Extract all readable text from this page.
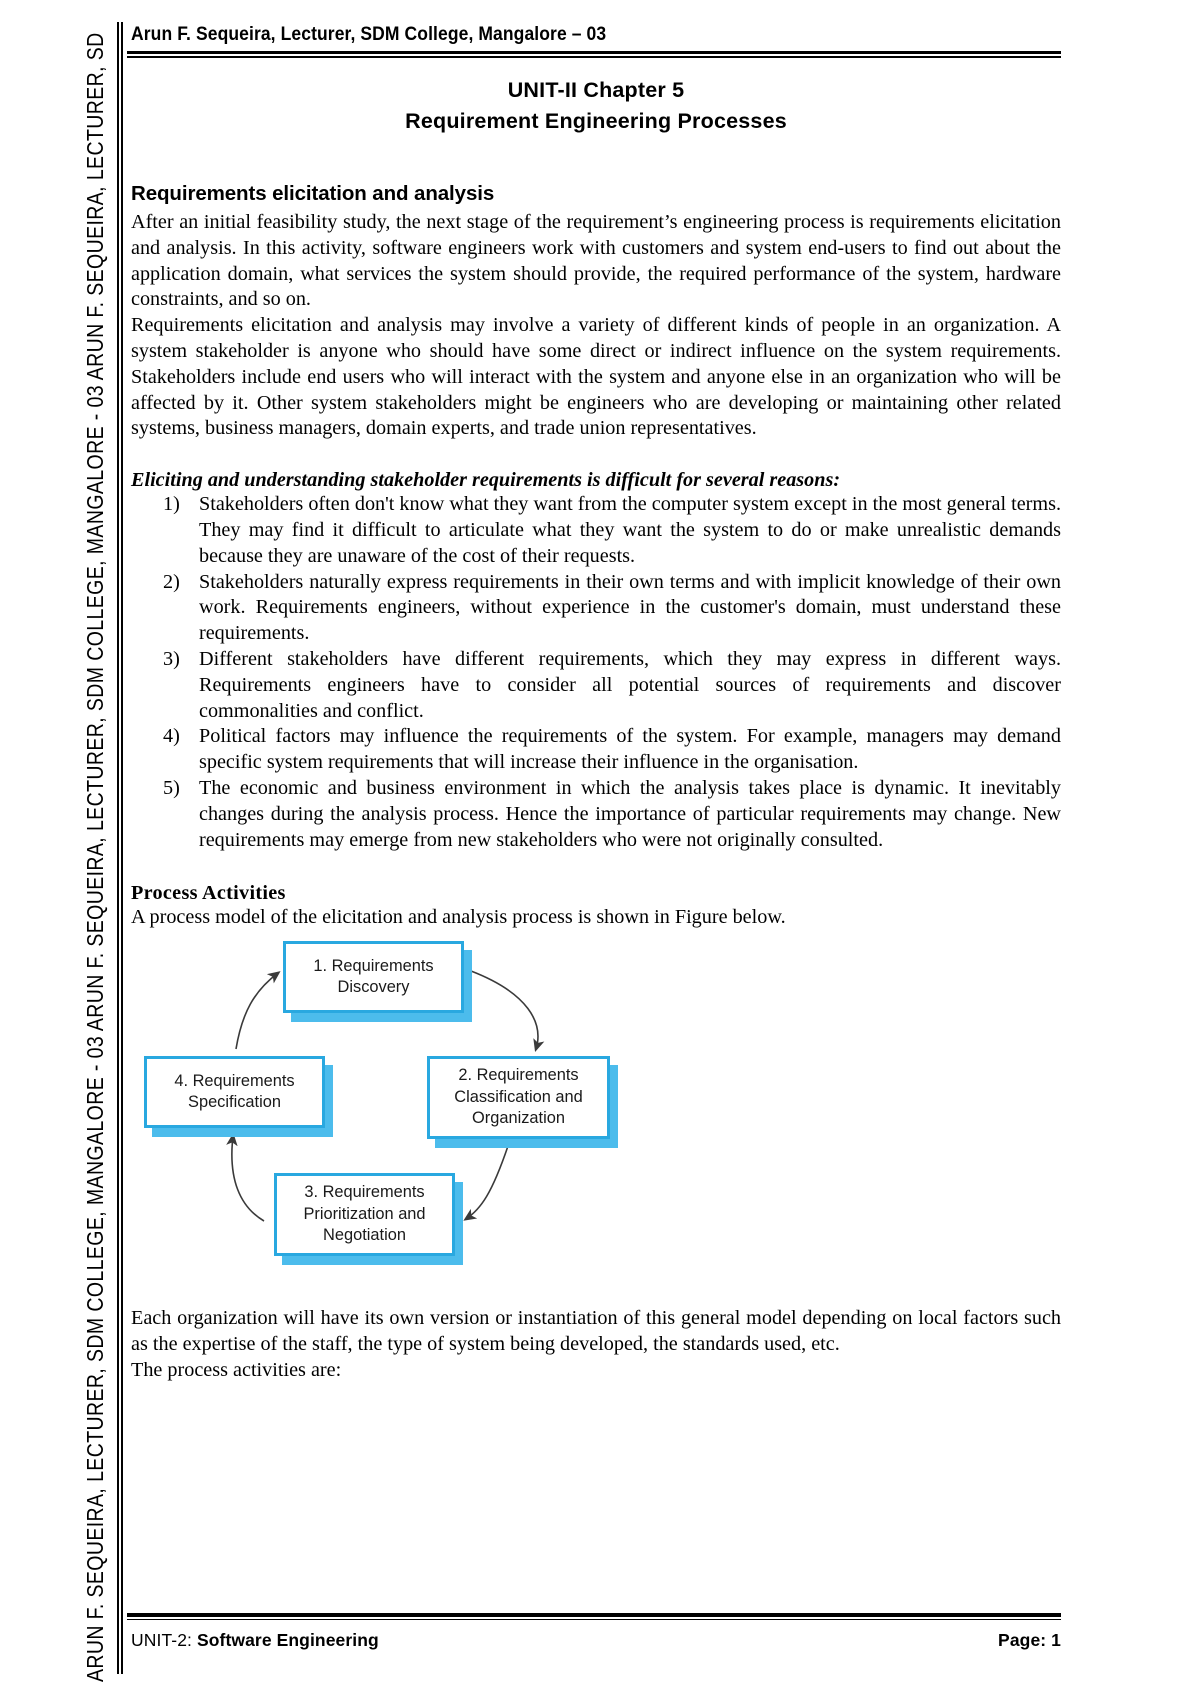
ARUN F. SEQUEIRA, LECTURER, SDM COLLEGE, MANGALORE - 03 ARUN F. SEQUEIRA, LECTURER, SDM COLLEGE, MANGALORE - 03 ARUN F. SEQUEIRA, LECTURER, SD Arun F. Sequeira, Lecturer, SDM College, Mangalore – 03
UNIT-II Chapter 5
Requirement Engineering Processes
Requirements elicitation and analysis

After an initial feasibility study, the next stage of the requirement’s engineering process is requirements elicitation and analysis. In this activity, software engineers work with customers and system end-users to find out about the application domain, what services the system should provide, the required performance of the system, hardware constraints, and so on.

Requirements elicitation and analysis may involve a variety of different kinds of people in an organization. A system stakeholder is anyone who should have some direct or indirect influence on the system requirements. Stakeholders include end users who will interact with the system and anyone else in an organization who will be affected by it. Other system stakeholders might be engineers who are developing or maintaining other related systems, business managers, domain experts, and trade union representatives.

Eliciting and understanding stakeholder requirements is difficult for several reasons:

1) Stakeholders often don't know what they want from the computer system except in the most general terms. They may find it difficult to articulate what they want the system to do or make unrealistic demands because they are unaware of the cost of their requests.
2) Stakeholders naturally express requirements in their own terms and with implicit knowledge of their own work. Requirements engineers, without experience in the customer's domain, must understand these requirements.
3) Different stakeholders have different requirements, which they may express in different ways. Requirements engineers have to consider all potential sources of requirements and discover commonalities and conflict.
4) Political factors may influence the requirements of the system. For example, managers may demand specific system requirements that will increase their influence in the organisation.
5) The economic and business environment in which the analysis takes place is dynamic. It inevitably changes during the analysis process. Hence the importance of particular requirements may change. New requirements may emerge from new stakeholders who were not originally consulted.

Process Activities

A process model of the elicitation and analysis process is shown in Figure below.

1. Requirements
Discovery
2. Requirements
Classification and
Organization
3. Requirements
Prioritization and
Negotiation
4. Requirements
Specification

Each organization will have its own version or instantiation of this general model depending on local factors such as the expertise of the staff, the type of system being developed, the standards used, etc.

The process activities are:

UNIT-2: Software Engineering	Page: 1
